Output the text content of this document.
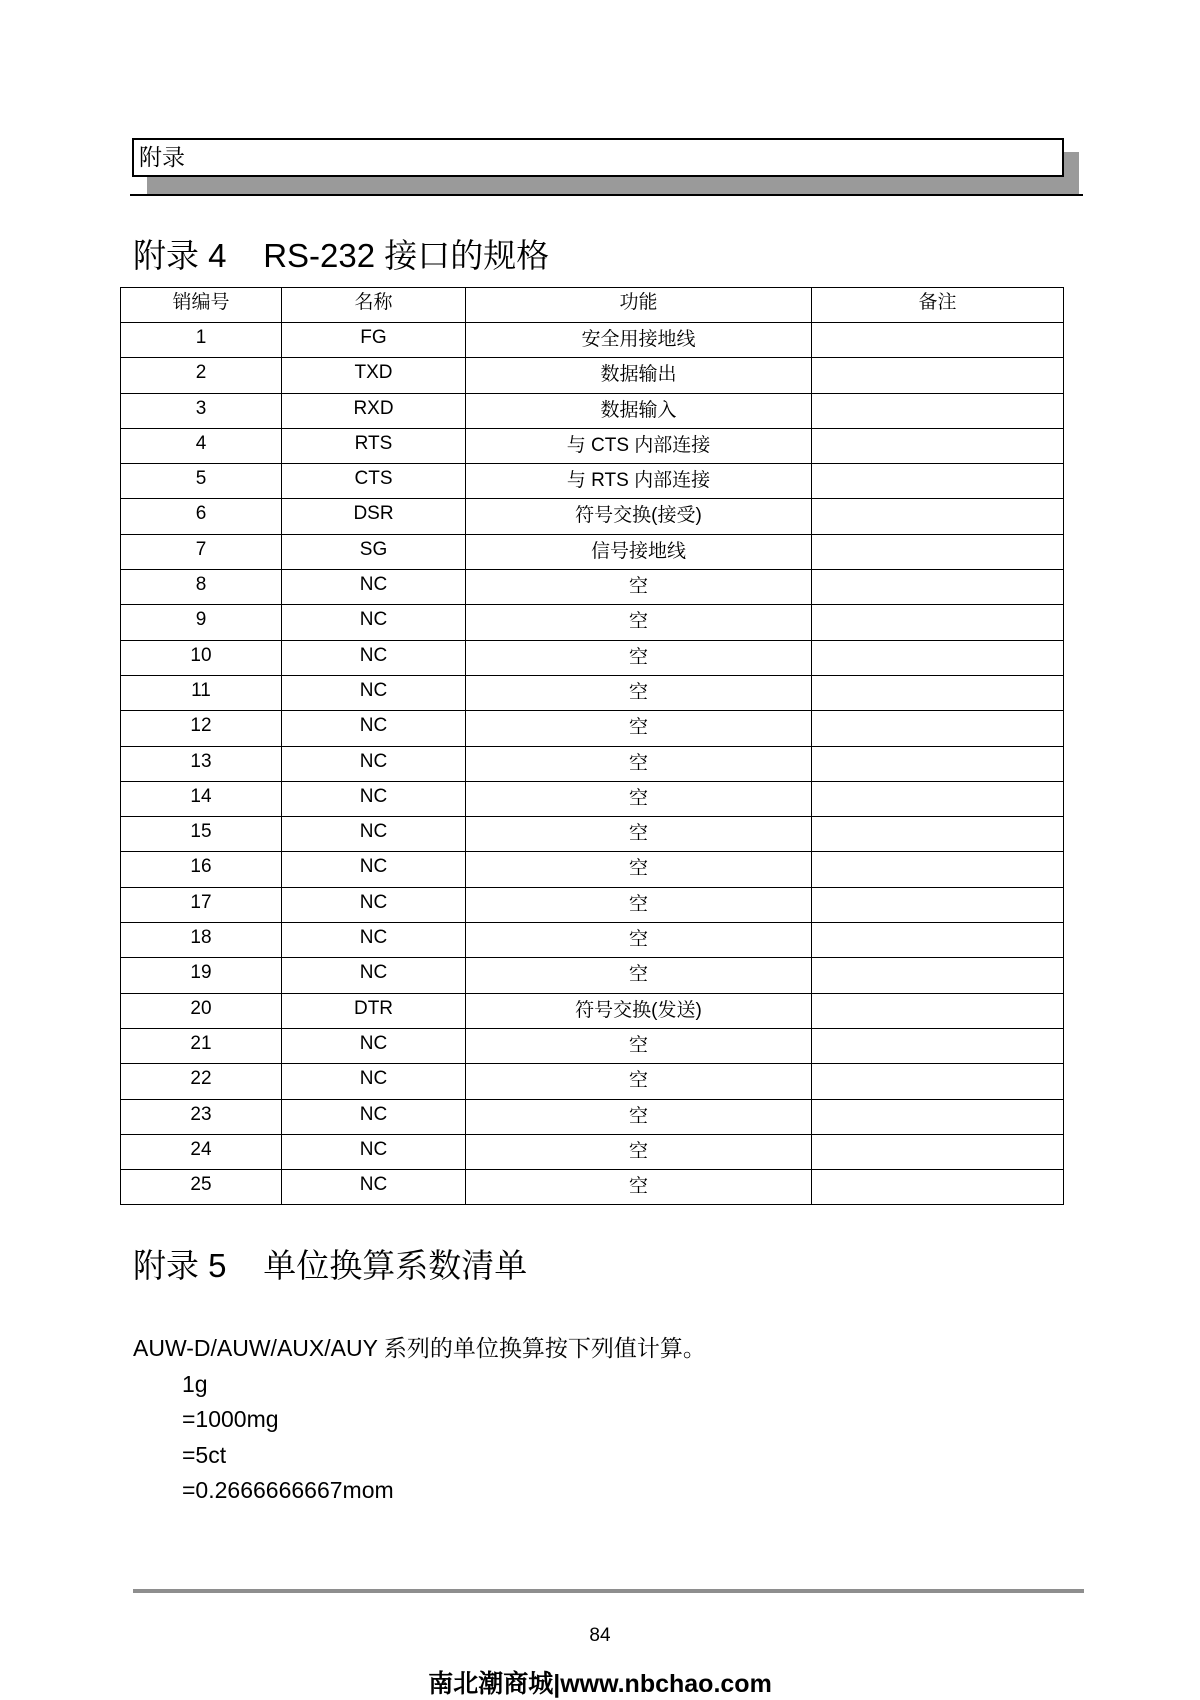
附录
附录 4    RS-232 接口的规格
销编号	名称	功能	备注
1	FG	安全用接地线	
2	TXD	数据输出	
3	RXD	数据输入	
4	RTS	与 CTS 内部连接	
5	CTS	与 RTS 内部连接	
6	DSR	符号交换(接受)	
7	SG	信号接地线	
8	NC	空	
9	NC	空	
10	NC	空	
11	NC	空	
12	NC	空	
13	NC	空	
14	NC	空	
15	NC	空	
16	NC	空	
17	NC	空	
18	NC	空	
19	NC	空	
20	DTR	符号交换(发送)	
21	NC	空	
22	NC	空	
23	NC	空	
24	NC	空	
25	NC	空	
附录 5    单位换算系数清单
AUW-D/AUW/AUX/AUY 系列的单位换算按下列值计算。
1g
=1000mg
=5ct
=0.2666666667mom
84
南北潮商城|www.nbchao.com
